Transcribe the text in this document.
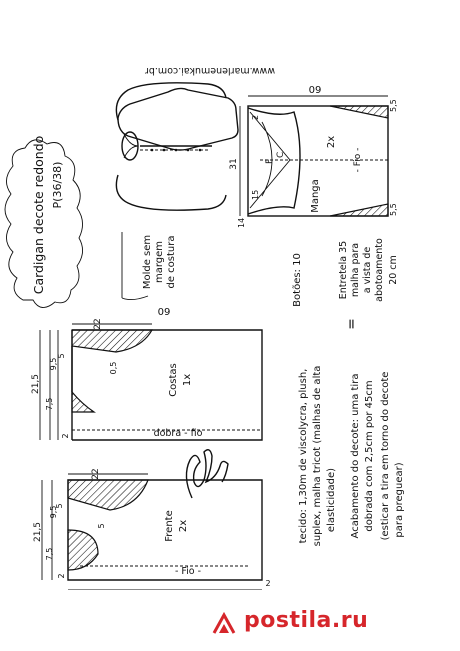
Cardigan decote redondo P(36/38)
www.marlenemukai.com.br
Molde sem margem de costura
60
31
5,5
5,5
F
C
2
15
14
Manga
2x
- Fio -
Botões: 10	Entretela 35 malha para a vista de abotoamento 20 cm
=
22
21,5
9,5
7,5
5
2
0,5	Costas 1x
dobra - fio
60
22
21,5
9,5
7,5
5
2
5	Frente 2x
- Fio -
2
tecido: 1,30m de viscolycra, plush, suplex, malha tricot (malhas de alta elasticidade) Acabamento do decote: uma tira dobrada com 2,5cm por 45cm (esticar a tira em torno do decote para preguear)
postila.ru
